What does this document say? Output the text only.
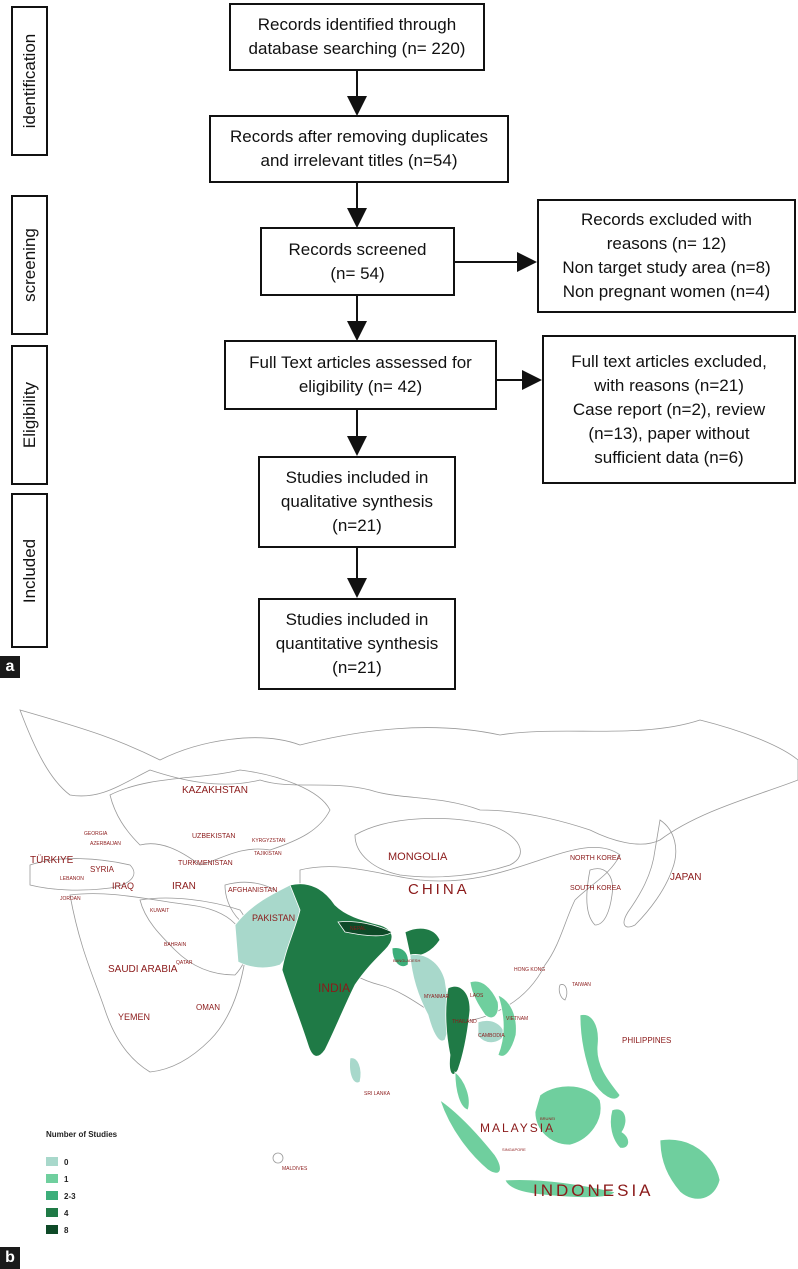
identification
screening
Eligibility
Included
Records identified through
database searching (n= 220)
Records after removing duplicates
and irrelevant titles (n=54)
Records screened
(n= 54)
Records excluded with
reasons (n= 12)
Non target study area (n=8)
Non pregnant women (n=4)
Full Text articles assessed for
eligibility (n= 42)
Full text articles excluded,
with reasons (n=21)
Case report (n=2), review
(n=13), paper without
sufficient data (n=6)
Studies included in
qualitative synthesis
(n=21)
Studies included in
quantitative synthesis
(n=21)
a
KAZAKHSTAN
MONGOLIA
UZBEKISTAN
KYRGYZSTAN
TAJIKISTAN
TURKMENISTAN
GEORGIA
AZERBAIJAN
TÜRKIYE
SYRIA
LEBANON
IRAQ	IRAN
JORDAN
AFGHANISTAN
PAKISTAN
CHINA
NORTH KOREA
SOUTH KOREA
JAPAN
SAUDI ARABIA
QATAR
BAHRAIN
KUWAIT
OMAN
YEMEN
INDIA
NEPAL
BANGLADESH
MYANMAR	LAOS
THAILAND
CAMBODIA
VIETNAM
HONG KONG
TAIWAN
PHILIPPINES
SRI LANKA
MALDIVES
MALAYSIA
BRUNEI
SINGAPORE
INDONESIA
Number of Studies
0
1
2-3
4
8
b
